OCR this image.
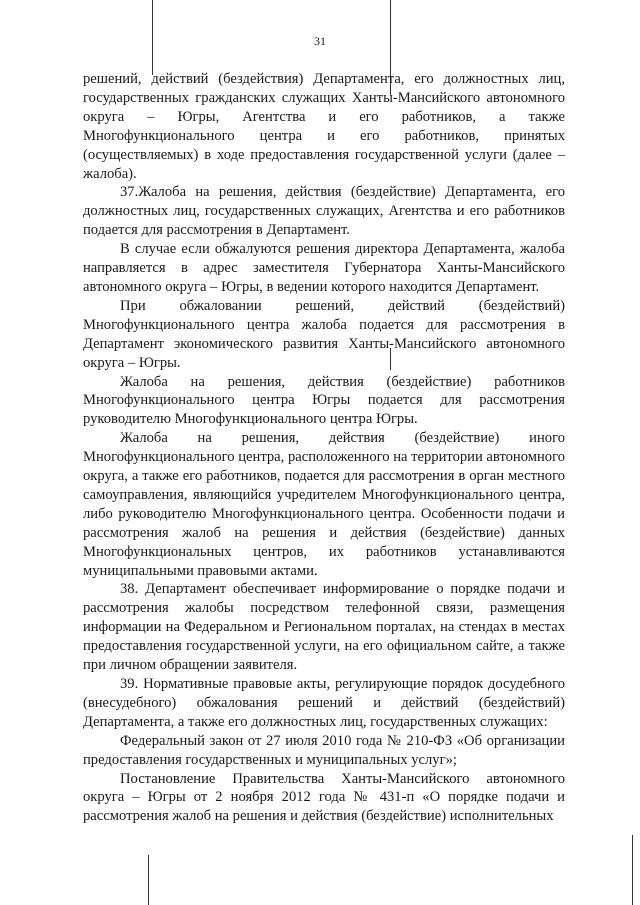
31

решений, действий (бездействия) Департамента, его должностных лиц, государственных гражданских служащих Ханты-Мансийского автономного округа – Югры, Агентства и его работников, а также Многофункционального центра и его работников, принятых (осуществляемых) в ходе предоставления государственной услуги (далее – жалоба).

37.Жалоба на решения, действия (бездействие) Департамента, его должностных лиц, государственных служащих, Агентства и его работников подается для рассмотрения в Департамент.

В случае если обжалуются решения директора Департамента, жалоба направляется в адрес заместителя Губернатора Ханты-Мансийского автономного округа – Югры, в ведении которого находится Департамент.

При обжаловании решений, действий (бездействий) Многофункционального центра жалоба подается для рассмотрения в Департамент экономического развития Ханты-Мансийского автономного округа – Югры.

Жалоба на решения, действия (бездействие) работников Многофункционального центра Югры подается для рассмотрения руководителю Многофункционального центра Югры.

Жалоба на решения, действия (бездействие) иного Многофункционального центра, расположенного на территории автономного округа, а также его работников, подается для рассмотрения в орган местного самоуправления, являющийся учредителем Многофункционального центра, либо руководителю Многофункционального центра. Особенности подачи и рассмотрения жалоб на решения и действия (бездействие) данных Многофункциональных центров, их работников устанавливаются муниципальными правовыми актами.

38. Департамент обеспечивает информирование о порядке подачи и рассмотрения жалобы посредством телефонной связи, размещения информации на Федеральном и Региональном порталах, на стендах в местах предоставления государственной услуги, на его официальном сайте, а также при личном обращении заявителя.

39. Нормативные правовые акты, регулирующие порядок досудебного (внесудебного) обжалования решений и действий (бездействий) Департамента, а также его должностных лиц, государственных служащих:

Федеральный закон от 27 июля 2010 года № 210-ФЗ «Об организации предоставления государственных и муниципальных услуг»;

Постановление Правительства Ханты-Мансийского автономного округа – Югры от 2 ноября 2012 года № 431-п «О порядке подачи и рассмотрения жалоб на решения и действия (бездействие) исполнительных
